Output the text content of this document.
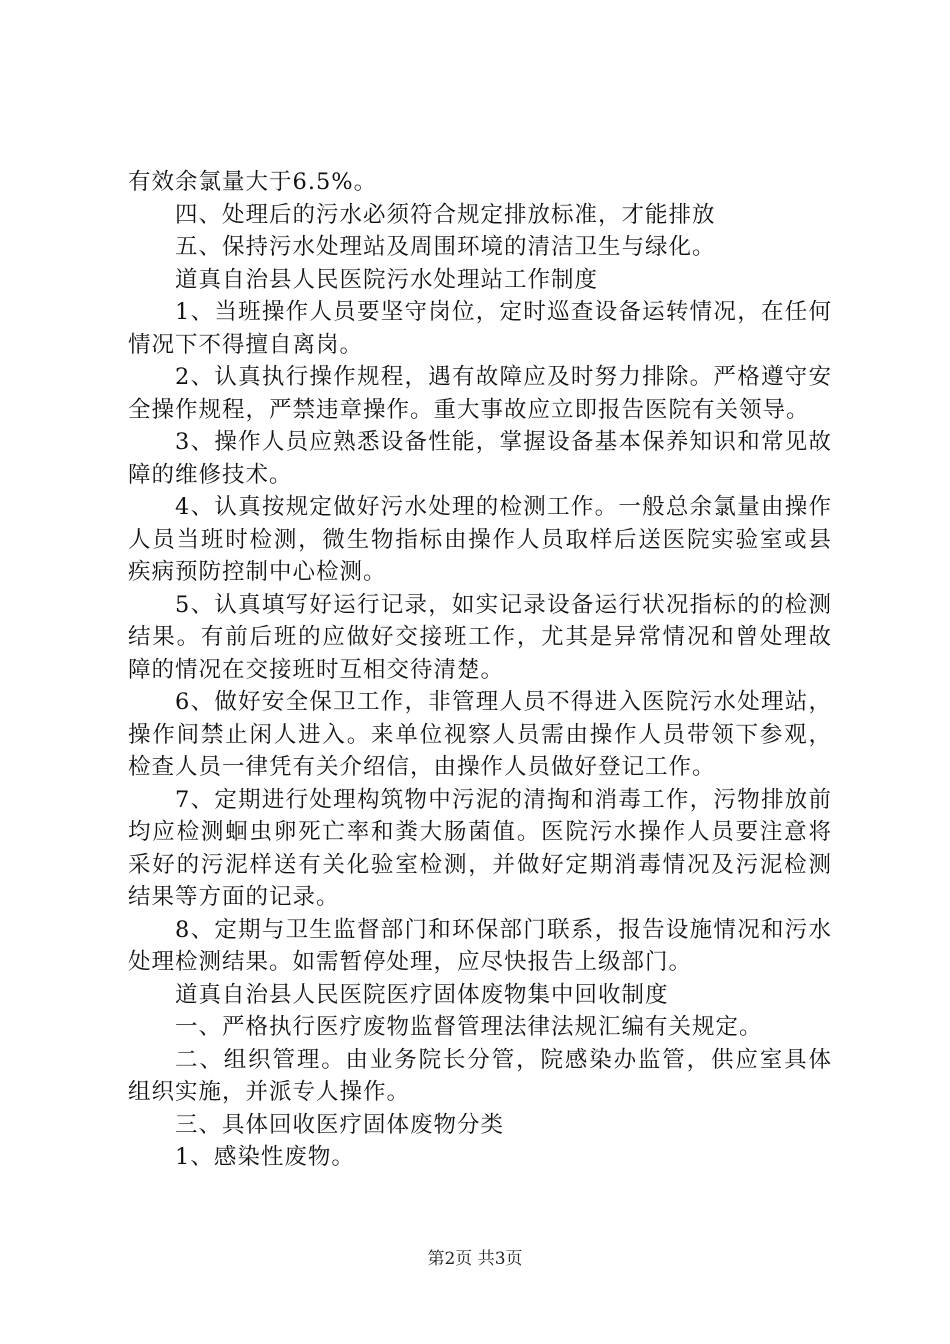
有效余氯量大于6.5%。

四、处理后的污水必须符合规定排放标准，才能排放

五、保持污水处理站及周围环境的清洁卫生与绿化。

道真自治县人民医院污水处理站工作制度

1、当班操作人员要坚守岗位，定时巡查设备运转情况，在任何情况下不得擅自离岗。

2、认真执行操作规程，遇有故障应及时努力排除。严格遵守安全操作规程，严禁违章操作。重大事故应立即报告医院有关领导。

3、操作人员应熟悉设备性能，掌握设备基本保养知识和常见故障的维修技术。

4、认真按规定做好污水处理的检测工作。一般总余氯量由操作人员当班时检测，微生物指标由操作人员取样后送医院实验室或县疾病预防控制中心检测。

5、认真填写好运行记录，如实记录设备运行状况指标的的检测结果。有前后班的应做好交接班工作，尤其是异常情况和曾处理故障的情况在交接班时互相交待清楚。

6、做好安全保卫工作，非管理人员不得进入医院污水处理站，操作间禁止闲人进入。来单位视察人员需由操作人员带领下参观，检查人员一律凭有关介绍信，由操作人员做好登记工作。

7、定期进行处理构筑物中污泥的清掏和消毒工作，污物排放前均应检测蛔虫卵死亡率和粪大肠菌值。医院污水操作人员要注意将采好的污泥样送有关化验室检测，并做好定期消毒情况及污泥检测结果等方面的记录。

8、定期与卫生监督部门和环保部门联系，报告设施情况和污水处理检测结果。如需暂停处理，应尽快报告上级部门。

道真自治县人民医院医疗固体废物集中回收制度

一、严格执行医疗废物监督管理法律法规汇编有关规定。

二、组织管理。由业务院长分管，院感染办监管，供应室具体组织实施，并派专人操作。

三、具体回收医疗固体废物分类

1、感染性废物。

第2页 共3页
